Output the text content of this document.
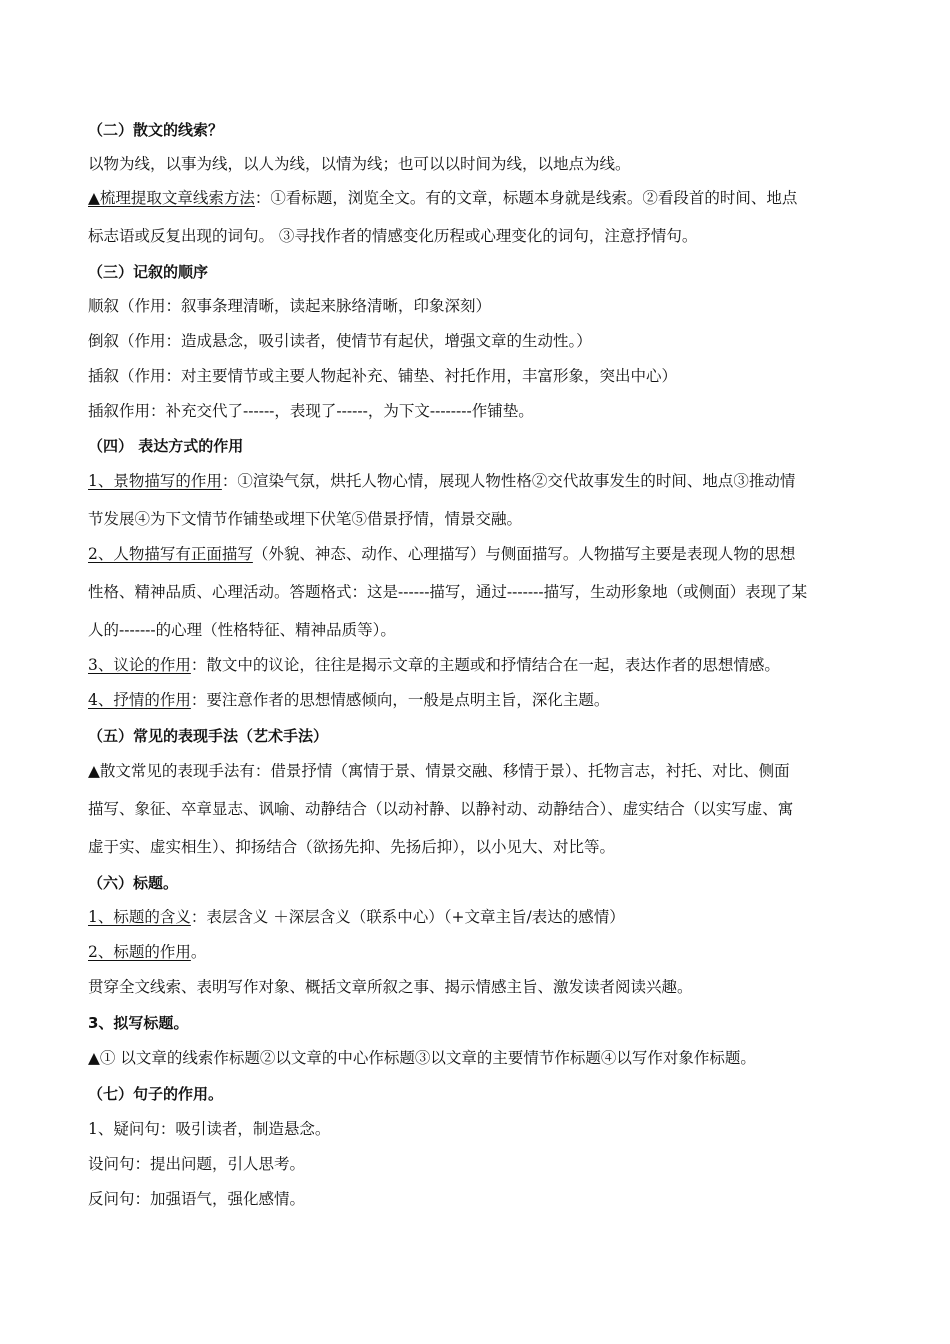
（二）散文的线索？
以物为线，以事为线，以人为线，以情为线；也可以以时间为线，以地点为线。
▲梳理提取文章线索方法：①看标题，浏览全文。有的文章，标题本身就是线索。②看段首的时间、地点
标志语或反复出现的词句。 ③寻找作者的情感变化历程或心理变化的词句，注意抒情句。
（三）记叙的顺序
顺叙（作用：叙事条理清晰，读起来脉络清晰，印象深刻）
倒叙（作用：造成悬念，吸引读者，使情节有起伏，增强文章的生动性。）
插叙（作用：对主要情节或主要人物起补充、铺垫、衬托作用，丰富形象，突出中心）
插叙作用：补充交代了------，表现了------，为下文--------作铺垫。
（四） 表达方式的作用
1、景物描写的作用：①渲染气氛，烘托人物心情，展现人物性格②交代故事发生的时间、地点③推动情
节发展④为下文情节作铺垫或埋下伏笔⑤借景抒情，情景交融。
2、人物描写有正面描写（外貌、神态、动作、心理描写）与侧面描写。人物描写主要是表现人物的思想
性格、精神品质、心理活动。答题格式：这是------描写，通过-------描写，生动形象地（或侧面）表现了某
人的-------的心理（性格特征、精神品质等）。
3、议论的作用：散文中的议论，往往是揭示文章的主题或和抒情结合在一起，表达作者的思想情感。
4、抒情的作用：要注意作者的思想情感倾向，一般是点明主旨，深化主题。
（五）常见的表现手法（艺术手法）
▲散文常见的表现手法有：借景抒情（寓情于景、情景交融、移情于景）、托物言志，衬托、对比、侧面
描写、象征、卒章显志、讽喻、动静结合（以动衬静、以静衬动、动静结合）、虚实结合（以实写虚、寓
虚于实、虚实相生）、抑扬结合（欲扬先抑、先扬后抑），以小见大、对比等。
（六）标题。
1、标题的含义：表层含义 ＋深层含义（联系中心）（+文章主旨/表达的感情）
2、标题的作用。
贯穿全文线索、表明写作对象、概括文章所叙之事、揭示情感主旨、激发读者阅读兴趣。
3、拟写标题。
▲① 以文章的线索作标题②以文章的中心作标题③以文章的主要情节作标题④以写作对象作标题。
（七）句子的作用。
1、疑问句：吸引读者，制造悬念。
设问句：提出问题，引人思考。
反问句：加强语气，强化感情。
